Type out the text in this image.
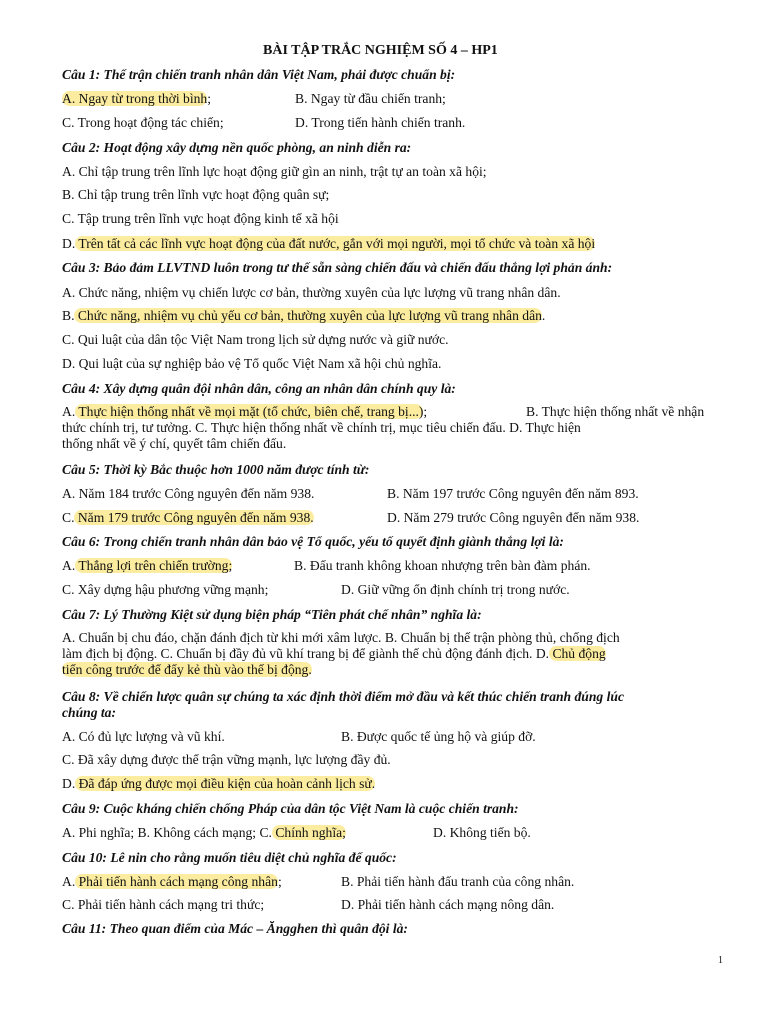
BÀI TẬP TRẮC NGHIỆM SỐ 4 – HP1
Câu 1: Thế trận chiến tranh nhân dân Việt Nam, phải được chuẩn bị:
A. Ngay từ trong thời bình;	B. Ngay từ đầu chiến tranh;
C. Trong hoạt động tác chiến;	D. Trong tiến hành chiến tranh.
Câu 2: Hoạt động xây dựng nền quốc phòng, an ninh diễn ra:
A. Chỉ tập trung trên lĩnh lực hoạt động giữ gìn an ninh, trật tự an toàn xã hội;
B. Chỉ tập trung trên lĩnh vực hoạt động quân sự;
C. Tập trung trên lĩnh vực hoạt động kinh tế xã hội
D. Trên tất cả các lĩnh vực hoạt động của đất nước, gắn với mọi người, mọi tổ chức và toàn xã hội
Câu 3: Bảo đảm LLVTND luôn trong tư thế sẵn sàng chiến đấu và chiến đấu thắng lợi phản ánh:
A. Chức năng, nhiệm vụ chiến lược cơ bản, thường xuyên của lực lượng vũ trang nhân dân.
B. Chức năng, nhiệm vụ chủ yếu cơ bản, thường xuyên của lực lượng vũ trang nhân dân.
C. Qui luật của dân tộc Việt Nam trong lịch sử dựng nước và giữ nước.
D. Qui luật của sự nghiệp bảo vệ Tổ quốc Việt Nam xã hội chủ nghĩa.
Câu 4: Xây dựng quân đội nhân dân, công an nhân dân chính quy là:
A. Thực hiện thống nhất về mọi mặt (tổ chức, biên chế, trang bị...);	B. Thực hiện thống nhất về nhận
thức chính trị, tư tưởng. C. Thực hiện thống nhất về chính trị, mục tiêu chiến đấu. D. Thực hiện
thống nhất về ý chí, quyết tâm chiến đấu.
Câu 5: Thời kỳ Bắc thuộc hơn 1000 năm được tính từ:
A. Năm 184 trước Công nguyên đến năm 938.	B. Năm 197 trước Công nguyên đến năm 893.
C. Năm 179 trước Công nguyên đến năm 938.	D. Năm 279 trước Công nguyên đến năm 938.
Câu 6: Trong chiến tranh nhân dân bảo vệ Tổ quốc, yếu tố quyết định giành thắng lợi là:
A. Thắng lợi trên chiến trường;	B. Đấu tranh không khoan nhượng trên bàn đàm phán.
C. Xây dựng hậu phương vững mạnh;	D. Giữ vững ổn định chính trị trong nước.
Câu 7: Lý Thường Kiệt sử dụng biện pháp “Tiên phát chế nhân” nghĩa là:
A. Chuẩn bị chu đáo, chặn đánh địch từ khi mới xâm lược. B. Chuẩn bị thế trận phòng thủ, chống địch
làm địch bị động. C. Chuẩn bị đầy đủ vũ khí trang bị để giành thế chủ động đánh địch. D. Chủ động
tiến công trước để đẩy kẻ thù vào thế bị động.
Câu 8: Về chiến lược quân sự chúng ta xác định thời điểm mở đầu và kết thúc chiến tranh đúng lúc
chúng ta:
A. Có đủ lực lượng và vũ khí.	B. Được quốc tế ủng hộ và giúp đỡ.
C. Đã xây dựng được thế trận vững mạnh, lực lượng đầy đủ.
D. Đã đáp ứng được mọi điều kiện của hoàn cảnh lịch sử.
Câu 9: Cuộc kháng chiến chống Pháp của dân tộc Việt Nam là cuộc chiến tranh:
A. Phi nghĩa; B. Không cách mạng; C. Chính nghĩa;	D. Không tiến bộ.
Câu 10: Lê nin cho rằng muốn tiêu diệt chủ nghĩa đế quốc:
A. Phải tiến hành cách mạng công nhân;	B. Phải tiến hành đấu tranh của công nhân.
C. Phải tiến hành cách mạng tri thức;	D. Phải tiến hành cách mạng nông dân.
Câu 11: Theo quan điểm của Mác – Ăngghen thì quân đội là:
1
